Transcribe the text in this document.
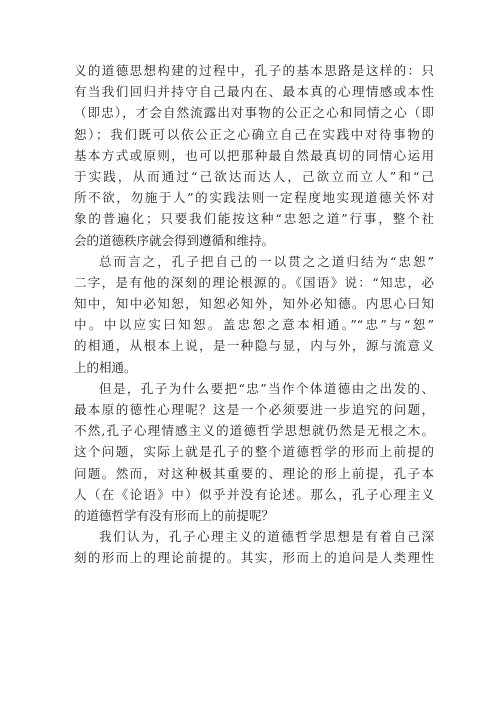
义的道德思想构建的过程中，孔子的基本思路是这样的：只
有当我们回归并持守自己最内在、最本真的心理情感或本性
（即忠），才会自然流露出对事物的公正之心和同情之心（即
恕）；我们既可以依公正之心确立自己在实践中对待事物的
基本方式或原则，也可以把那种最自然最真切的同情心运用
于实践，从而通过“己欲达而达人，己欲立而立人”和“己
所不欲，勿施于人”的实践法则一定程度地实现道德关怀对
象的普遍化；只要我们能按这种“忠恕之道”行事，整个社
会的道德秩序就会得到遵循和维持。
总而言之，孔子把自己的一以贯之之道归结为“忠恕”
二字，是有他的深刻的理论根源的。《国语》说：“知忠，必
知中，知中必知恕，知恕必知外，知外必知德。内思心曰知
中。中以应实曰知恕。盖忠恕之意本相通。”“忠”与“恕”
的相通，从根本上说，是一种隐与显，内与外，源与流意义
上的相通。
但是，孔子为什么要把“忠”当作个体道德由之出发的、
最本原的德性心理呢？这是一个必须要进一步追究的问题，
不然,孔子心理情感主义的道德哲学思想就仍然是无根之木。
这个问题，实际上就是孔子的整个道德哲学的形而上前提的
问题。然而，对这种极其重要的、理论的形上前提，孔子本
人（在《论语》中）似乎并没有论述。那么，孔子心理主义
的道德哲学有没有形而上的前提呢？
我们认为，孔子心理主义的道德哲学思想是有着自己深
刻的形而上的理论前提的。其实，形而上的追问是人类理性
